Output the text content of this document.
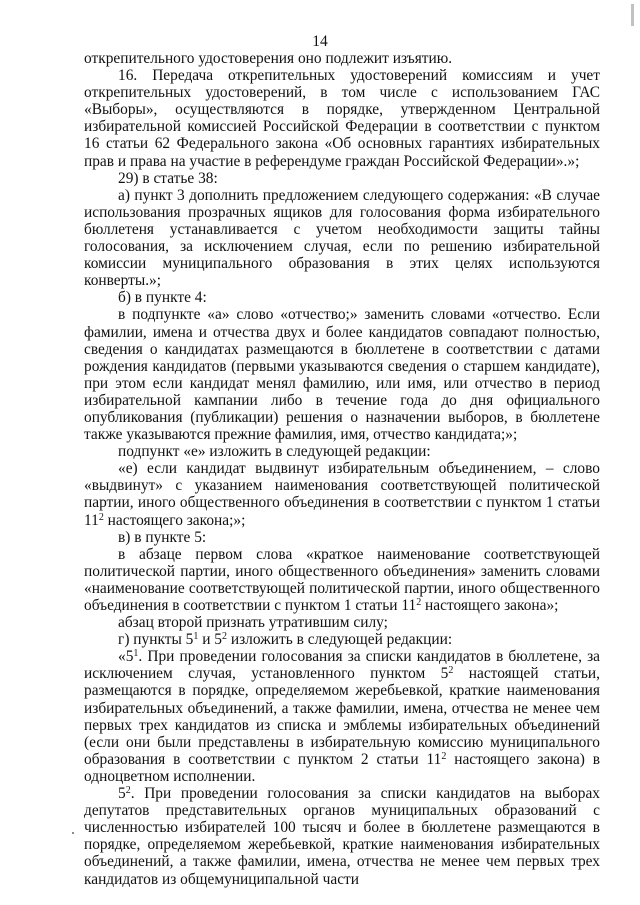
14

открепительного удостоверения оно подлежит изъятию.

16. Передача открепительных удостоверений комиссиям и учет открепительных удостоверений, в том числе с использованием ГАС «Выборы», осуществляются в порядке, утвержденном Центральной избирательной комиссией Российской Федерации в соответствии с пунктом 16 статьи 62 Федерального закона «Об основных гарантиях избирательных прав и права на участие в референдуме граждан Российской Федерации».»;

29) в статье 38:

а) пункт 3 дополнить предложением следующего содержания: «В случае использования прозрачных ящиков для голосования форма избирательного бюллетеня устанавливается с учетом необходимости защиты тайны голосования, за исключением случая, если по решению избирательной комиссии муниципального образования в этих целях используются конверты.»;

б) в пункте 4:

в подпункте «а» слово «отчество;» заменить словами «отчество. Если фамилии, имена и отчества двух и более кандидатов совпадают полностью, сведения о кандидатах размещаются в бюллетене в соответствии с датами рождения кандидатов (первыми указываются сведения о старшем кандидате), при этом если кандидат менял фамилию, или имя, или отчество в период избирательной кампании либо в течение года до дня официального опубликования (публикации) решения о назначении выборов, в бюллетене также указываются прежние фамилия, имя, отчество кандидата;»;

подпункт «е» изложить в следующей редакции:

«е) если кандидат выдвинут избирательным объединением, – слово «выдвинут» с указанием наименования соответствующей политической партии, иного общественного объединения в соответствии с пунктом 1 статьи $11^2$ настоящего закона;»;

в) в пункте 5:

в абзаце первом слова «краткое наименование соответствующей политической партии, иного общественного объединения» заменить словами «наименование соответствующей политической партии, иного общественного объединения в соответствии с пунктом 1 статьи $11^2$ настоящего закона»;

абзац второй признать утратившим силу;

г) пункты $5^1$ и $5^2$ изложить в следующей редакции:

«$5^1$. При проведении голосования за списки кандидатов в бюллетене, за исключением случая, установленного пунктом $5^2$ настоящей статьи, размещаются в порядке, определяемом жеребьевкой, краткие наименования избирательных объединений, а также фамилии, имена, отчества не менее чем первых трех кандидатов из списка и эмблемы избирательных объединений (если они были представлены в избирательную комиссию муниципального образования в соответствии с пунктом 2 статьи $11^2$ настоящего закона) в одноцветном исполнении.

$5^2$. При проведении голосования за списки кандидатов на выборах депутатов представительных органов муниципальных образований с численностью избирателей 100 тысяч и более в бюллетене размещаются в порядке, определяемом жеребьевкой, краткие наименования избирательных объединений, а также фамилии, имена, отчества не менее чем первых трех кандидатов из общемуниципальной части
